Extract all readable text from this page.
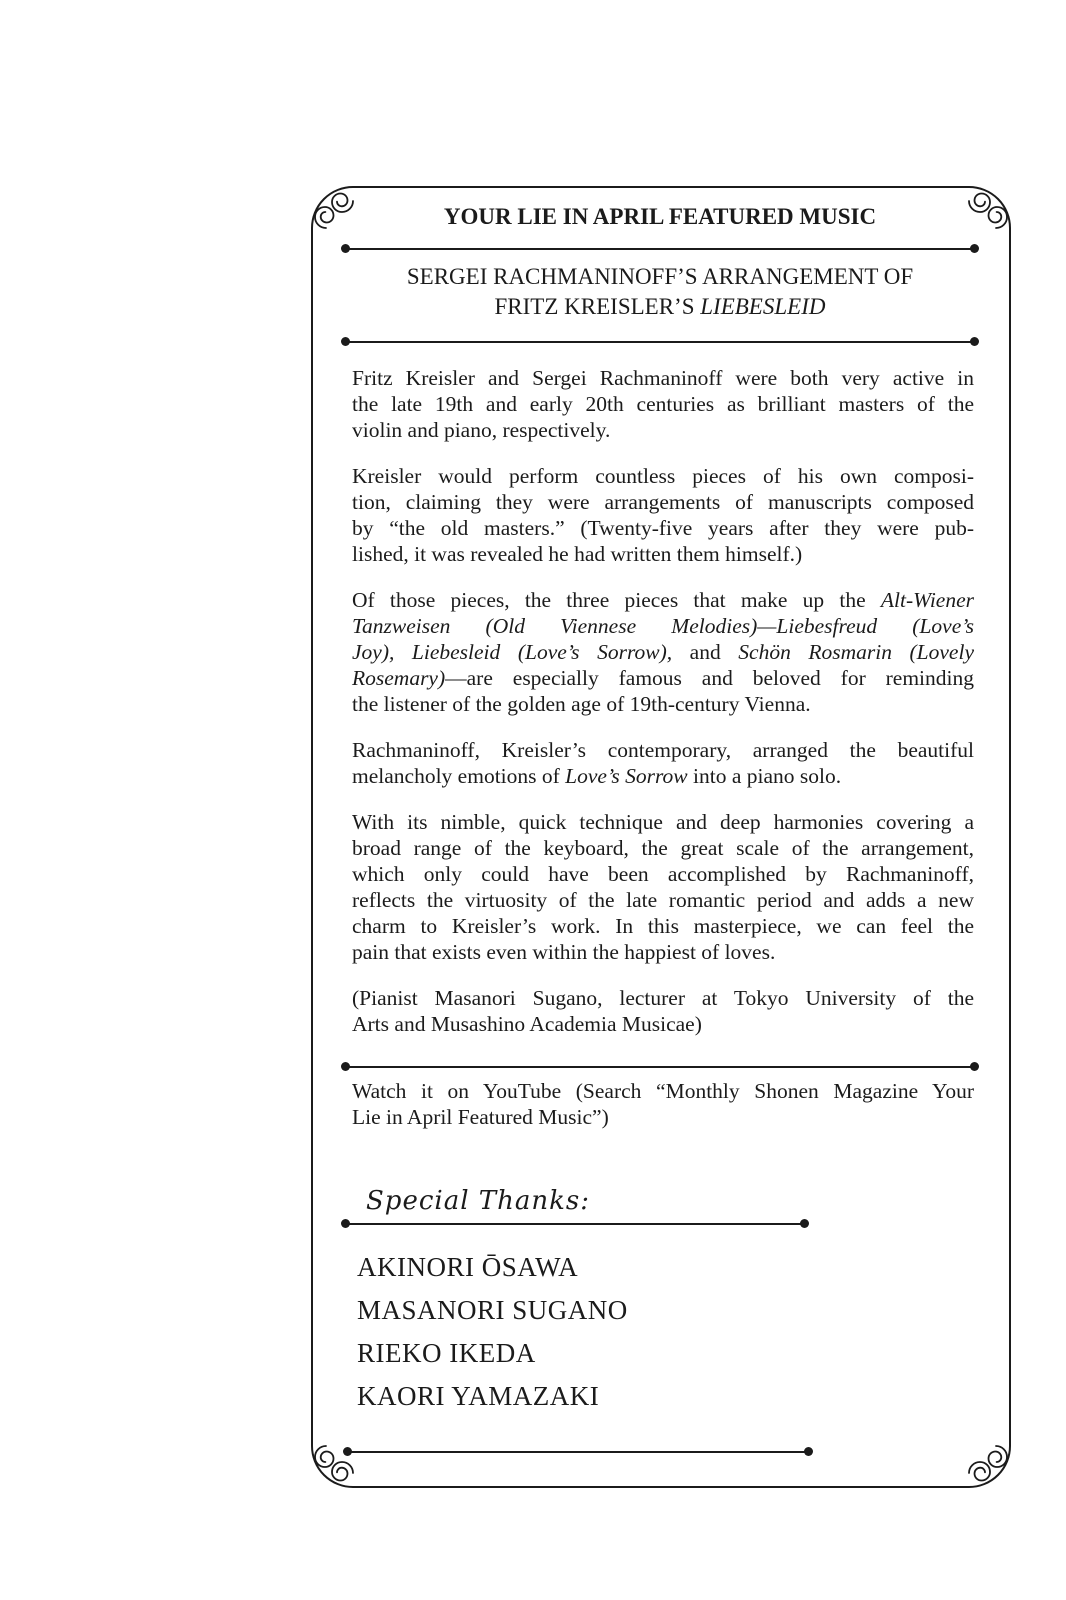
YOUR LIE IN APRIL FEATURED MUSIC
SERGEI RACHMANINOFF’S ARRANGEMENT OF
FRITZ KREISLER’S LIEBESLEID
Fritz Kreisler and Sergei Rachmaninoff were both very active in
the late 19th and early 20th centuries as brilliant masters of the
violin and piano, respectively.
Kreisler would perform countless pieces of his own composi-
tion, claiming they were arrangements of manuscripts composed
by “the old masters.” (Twenty-five years after they were pub-
lished, it was revealed he had written them himself.)
Of those pieces, the three pieces that make up the Alt-Wiener
Tanzweisen (Old Viennese Melodies)—Liebesfreud (Love’s
Joy), Liebesleid (Love’s Sorrow), and Schön Rosmarin (Lovely
Rosemary)—are especially famous and beloved for reminding
the listener of the golden age of 19th-century Vienna.
Rachmaninoff, Kreisler’s contemporary, arranged the beautiful
melancholy emotions of Love’s Sorrow into a piano solo.
With its nimble, quick technique and deep harmonies covering a
broad range of the keyboard, the great scale of the arrangement,
which only could have been accomplished by Rachmaninoff,
reflects the virtuosity of the late romantic period and adds a new
charm to Kreisler’s work. In this masterpiece, we can feel the
pain that exists even within the happiest of loves.
(Pianist Masanori Sugano, lecturer at Tokyo University of the
Arts and Musashino Academia Musicae)
Watch it on YouTube (Search “Monthly Shonen Magazine Your
Lie in April Featured Music”)
Special Thanks:
AKINORI ŌSAWA
MASANORI SUGANO
RIEKO IKEDA
KAORI YAMAZAKI
